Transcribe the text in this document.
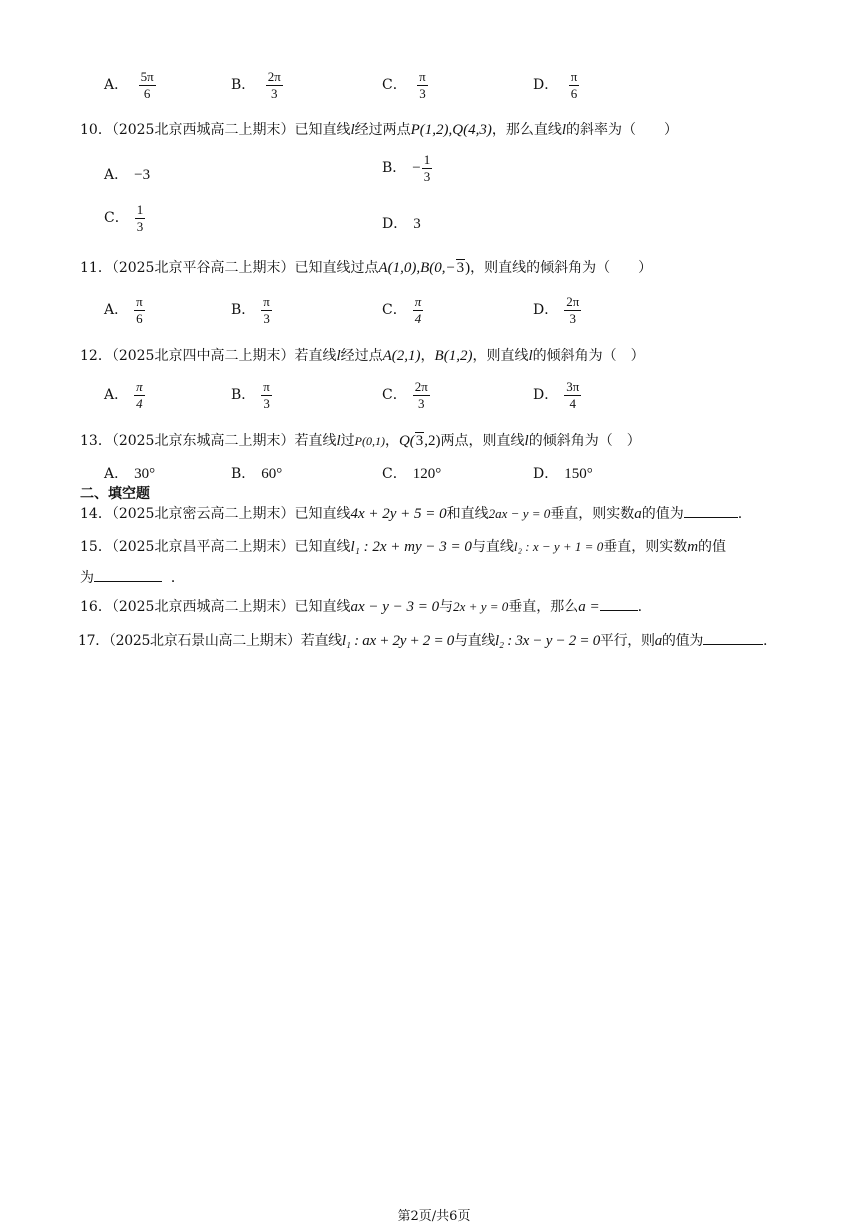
A． $\frac{5\pi}{6}$	B． $\frac{2\pi}{3}$	C． $\frac{\pi}{3}$	D． $\frac{\pi}{6}$
10．（2025北京西城高二上期末）已知直线l经过两点P(1,2),Q(4,3)，那么直线l的斜率为（　　）
A． −3	B． − $\frac{1}{3}$
C． $\frac{1}{3}$	D． 3
11．（2025北京平谷高二上期末）已知直线过点A(1,0),B(0,−3)，则直线的倾斜角为（　　）
A． $\frac{\pi}{6}$	B． $\frac{\pi}{3}$	C． $\frac{\pi}{4}$	D． $\frac{2\pi}{3}$
12．（2025北京四中高二上期末）若直线l经过点A(2,1)，B(1,2)，则直线l的倾斜角为（　）
A． $\frac{\pi}{4}$	B． $\frac{\pi}{3}$	C． $\frac{2\pi}{3}$	D． $\frac{3\pi}{4}$
13．（2025北京东城高二上期末）若直线l过P(0,1)，Q(3,2)两点，则直线l的倾斜角为（　）
A． 30°	B． 60°	C． 120°	D． 150°
二、填空题
14．（2025北京密云高二上期末）已知直线4x + 2y + 5 = 0和直线2ax − y = 0垂直，则实数a的值为	.
15．（2025北京昌平高二上期末）已知直线l₁ : 2x + my − 3 = 0与直线l₂ : x − y + 1 = 0垂直，则实数m的值
为	．
16．（2025北京西城高二上期末）已知直线ax − y − 3 = 0与2x + y = 0垂直，那么a =	.
17．（2025北京石景山高二上期末）若直线l₁ : ax + 2y + 2 = 0与直线l₂ : 3x − y − 2 = 0平行，则a的值为	.
第2页/共6页
